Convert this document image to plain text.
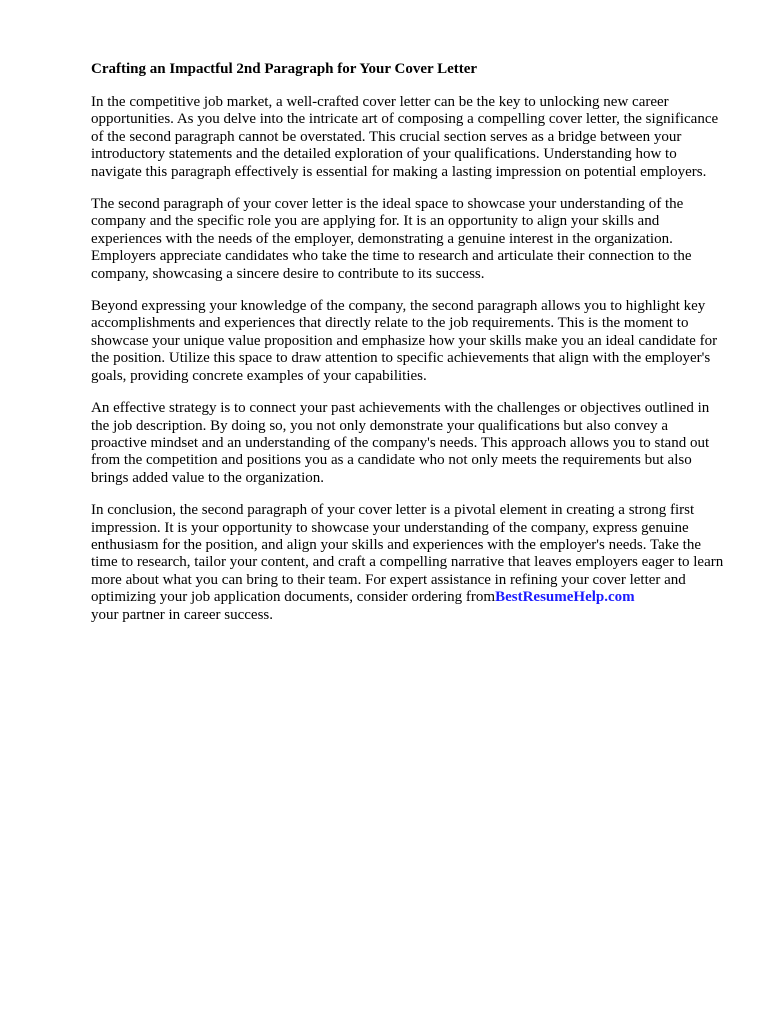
Crafting an Impactful 2nd Paragraph for Your Cover Letter

In the competitive job market, a well-crafted cover letter can be the key to unlocking new career opportunities. As you delve into the intricate art of composing a compelling cover letter, the significance of the second paragraph cannot be overstated. This crucial section serves as a bridge between your introductory statements and the detailed exploration of your qualifications. Understanding how to navigate this paragraph effectively is essential for making a lasting impression on potential employers.

The second paragraph of your cover letter is the ideal space to showcase your understanding of the company and the specific role you are applying for. It is an opportunity to align your skills and experiences with the needs of the employer, demonstrating a genuine interest in the organization. Employers appreciate candidates who take the time to research and articulate their connection to the company, showcasing a sincere desire to contribute to its success.

Beyond expressing your knowledge of the company, the second paragraph allows you to highlight key accomplishments and experiences that directly relate to the job requirements. This is the moment to showcase your unique value proposition and emphasize how your skills make you an ideal candidate for the position. Utilize this space to draw attention to specific achievements that align with the employer's goals, providing concrete examples of your capabilities.

An effective strategy is to connect your past achievements with the challenges or objectives outlined in the job description. By doing so, you not only demonstrate your qualifications but also convey a proactive mindset and an understanding of the company's needs. This approach allows you to stand out from the competition and positions you as a candidate who not only meets the requirements but also brings added value to the organization.

In conclusion, the second paragraph of your cover letter is a pivotal element in creating a strong first impression. It is your opportunity to showcase your understanding of the company, express genuine enthusiasm for the position, and align your skills and experiences with the employer's needs. Take the time to research, tailor your content, and craft a compelling narrative that leaves employers eager to learn more about what you can bring to their team. For expert assistance in refining your cover letter and optimizing your job application documents, consider ordering fromBestResumeHelp.com
your partner in career success.
